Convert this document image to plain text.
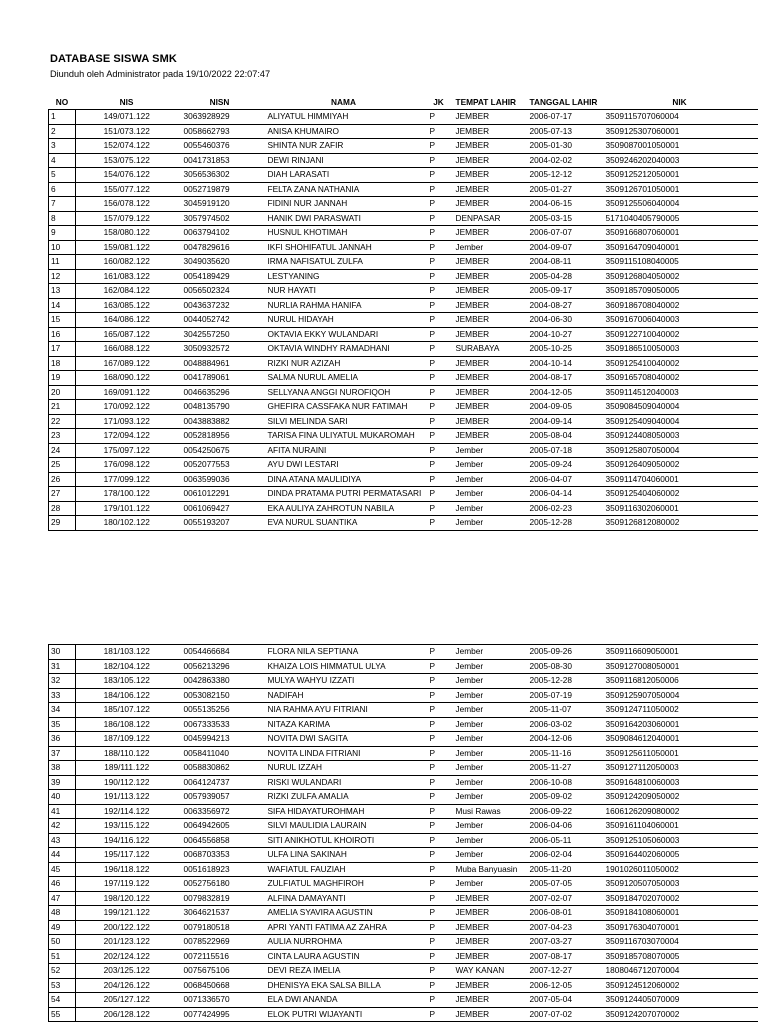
DATABASE SISWA SMK
Diunduh oleh Administrator pada 19/10/2022 22:07:47
NO	NIS	NISN	NAMA	JK	TEMPAT LAHIR	TANGGAL LAHIR	NIK
1	149/071.122	3063928929	ALIYATUL HIMMIYAH	P	JEMBER	2006-07-17	3509115707060004
2	151/073.122	0058662793	ANISA KHUMAIRO	P	JEMBER	2005-07-13	3509125307060001
3	152/074.122	0055460376	SHINTA NUR ZAFIR	P	JEMBER	2005-01-30	3509087001050001
4	153/075.122	0041731853	DEWI RINJANI	P	JEMBER	2004-02-02	3509246202040003
5	154/076.122	3056536302	DIAH LARASATI	P	JEMBER	2005-12-12	3509125212050001
6	155/077.122	0052719879	FELTA ZANA NATHANIA	P	JEMBER	2005-01-27	3509126701050001
7	156/078.122	3045919120	FIDINI NUR JANNAH	P	JEMBER	2004-06-15	3509125506040004
8	157/079.122	3057974502	HANIK DWI PARASWATI	P	DENPASAR	2005-03-15	5171040405790005
9	158/080.122	0063794102	HUSNUL KHOTIMAH	P	JEMBER	2006-07-07	3509166807060001
10	159/081.122	0047829616	IKFI SHOHIFATUL JANNAH	P	Jember	2004-09-07	3509164709040001
11	160/082.122	3049035620	IRMA NAFISATUL ZULFA	P	JEMBER	2004-08-11	3509115108040005
12	161/083.122	0054189429	LESTYANING	P	JEMBER	2005-04-28	3509126804050002
13	162/084.122	0056502324	NUR HAYATI	P	JEMBER	2005-09-17	3509185709050005
14	163/085.122	0043637232	NURLIA RAHMA HANIFA	P	JEMBER	2004-08-27	3609186708040002
15	164/086.122	0044052742	NURUL HIDAYAH	P	JEMBER	2004-06-30	3509167006040003
16	165/087.122	3042557250	OKTAVIA EKKY WULANDARI	P	JEMBER	2004-10-27	3509122710040002
17	166/088.122	3050932572	OKTAVIA WINDHY RAMADHANI	P	SURABAYA	2005-10-25	3509186510050003
18	167/089.122	0048884961	RIZKI NUR AZIZAH	P	JEMBER	2004-10-14	3509125410040002
19	168/090.122	0041789061	SALMA NURUL AMELIA	P	JEMBER	2004-08-17	3509165708040002
20	169/091.122	0046635296	SELLYANA ANGGI NUROFIQOH	P	JEMBER	2004-12-05	3509114512040003
21	170/092.122	0048135790	GHEFIRA CASSFAKA NUR FATIMAH	P	JEMBER	2004-09-05	3509084509040004
22	171/093.122	0043883882	SILVI MELINDA SARI	P	JEMBER	2004-09-14	3509125409040004
23	172/094.122	0052818956	TARISA FINA ULIYATUL MUKAROMAH	P	JEMBER	2005-08-04	3509124408050003
24	175/097.122	0054250675	AFITA NURAINI	P	Jember	2005-07-18	3509125807050004
25	176/098.122	0052077553	AYU DWI LESTARI	P	Jember	2005-09-24	3509126409050002
26	177/099.122	0063599036	DINA ATANA MAULIDIYA	P	Jember	2006-04-07	3509114704060001
27	178/100.122	0061012291	DINDA PRATAMA PUTRI PERMATASARI	P	Jember	2006-04-14	3509125404060002
28	179/101.122	0061069427	EKA AULIYA ZAHROTUN NABILA	P	Jember	2006-02-23	3509116302060001
29	180/102.122	0055193207	EVA NURUL SUANTIKA	P	Jember	2005-12-28	3509126812080002
30	181/103.122	0054466684	FLORA NILA SEPTIANA	P	Jember	2005-09-26	3509116609050001
31	182/104.122	0056213296	KHAIZA LOIS HIMMATUL ULYA	P	Jember	2005-08-30	3509127008050001
32	183/105.122	0042863380	MULYA WAHYU IZZATI	P	Jember	2005-12-28	3509116812050006
33	184/106.122	0053082150	NADIFAH	P	Jember	2005-07-19	3509125907050004
34	185/107.122	0055135256	NIA RAHMA AYU FITRIANI	P	Jember	2005-11-07	3509124711050002
35	186/108.122	0067333533	NITAZA KARIMA	P	Jember	2006-03-02	3509164203060001
36	187/109.122	0045994213	NOVITA DWI SAGITA	P	Jember	2004-12-06	3509084612040001
37	188/110.122	0058411040	NOVITA LINDA FITRIANI	P	Jember	2005-11-16	3509125611050001
38	189/111.122	0058830862	NURUL IZZAH	P	Jember	2005-11-27	3509127112050003
39	190/112.122	0064124737	RISKI WULANDARI	P	Jember	2006-10-08	3509164810060003
40	191/113.122	0057939057	RIZKI ZULFA AMALIA	P	Jember	2005-09-02	3509124209050002
41	192/114.122	0063356972	SIFA HIDAYATUROHMAH	P	Musi Rawas	2006-09-22	1606126209080002
42	193/115.122	0064942605	SILVI MAULIDIA LAURAIN	P	Jember	2006-04-06	3509161104060001
43	194/116.122	0064556858	SITI ANIKHOTUL KHOIROTI	P	Jember	2006-05-11	3509125105060003
44	195/117.122	0068703353	ULFA LINA SAKINAH	P	Jember	2006-02-04	3509164402060005
45	196/118.122	0051618923	WAFIATUL FAUZIAH	P	Muba Banyuasin	2005-11-20	1901026011050002
46	197/119.122	0052756180	ZULFIATUL MAGHFIROH	P	Jember	2005-07-05	3509120507050003
47	198/120.122	0079832819	ALFINA DAMAYANTI	P	JEMBER	2007-02-07	3509184702070002
48	199/121.122	3064621537	AMELIA SYAVIRA AGUSTIN	P	JEMBER	2006-08-01	3509184108060001
49	200/122.122	0079180518	APRI YANTI FATIMA AZ ZAHRA	P	JEMBER	2007-04-23	3509176304070001
50	201/123.122	0078522969	AULIA NURROHMA	P	JEMBER	2007-03-27	3509116703070004
51	202/124.122	0072115516	CINTA LAURA AGUSTIN	P	JEMBER	2007-08-17	3509185708070005
52	203/125.122	0075675106	DEVI REZA IMELIA	P	WAY KANAN	2007-12-27	1808046712070004
53	204/126.122	0068450668	DHENISYA EKA SALSA BILLA	P	JEMBER	2006-12-05	3509124512060002
54	205/127.122	0071336570	ELA DWI ANANDA	P	JEMBER	2007-05-04	3509124405070009
55	206/128.122	0077424995	ELOK PUTRI WIJAYANTI	P	JEMBER	2007-07-02	3509124207070002
